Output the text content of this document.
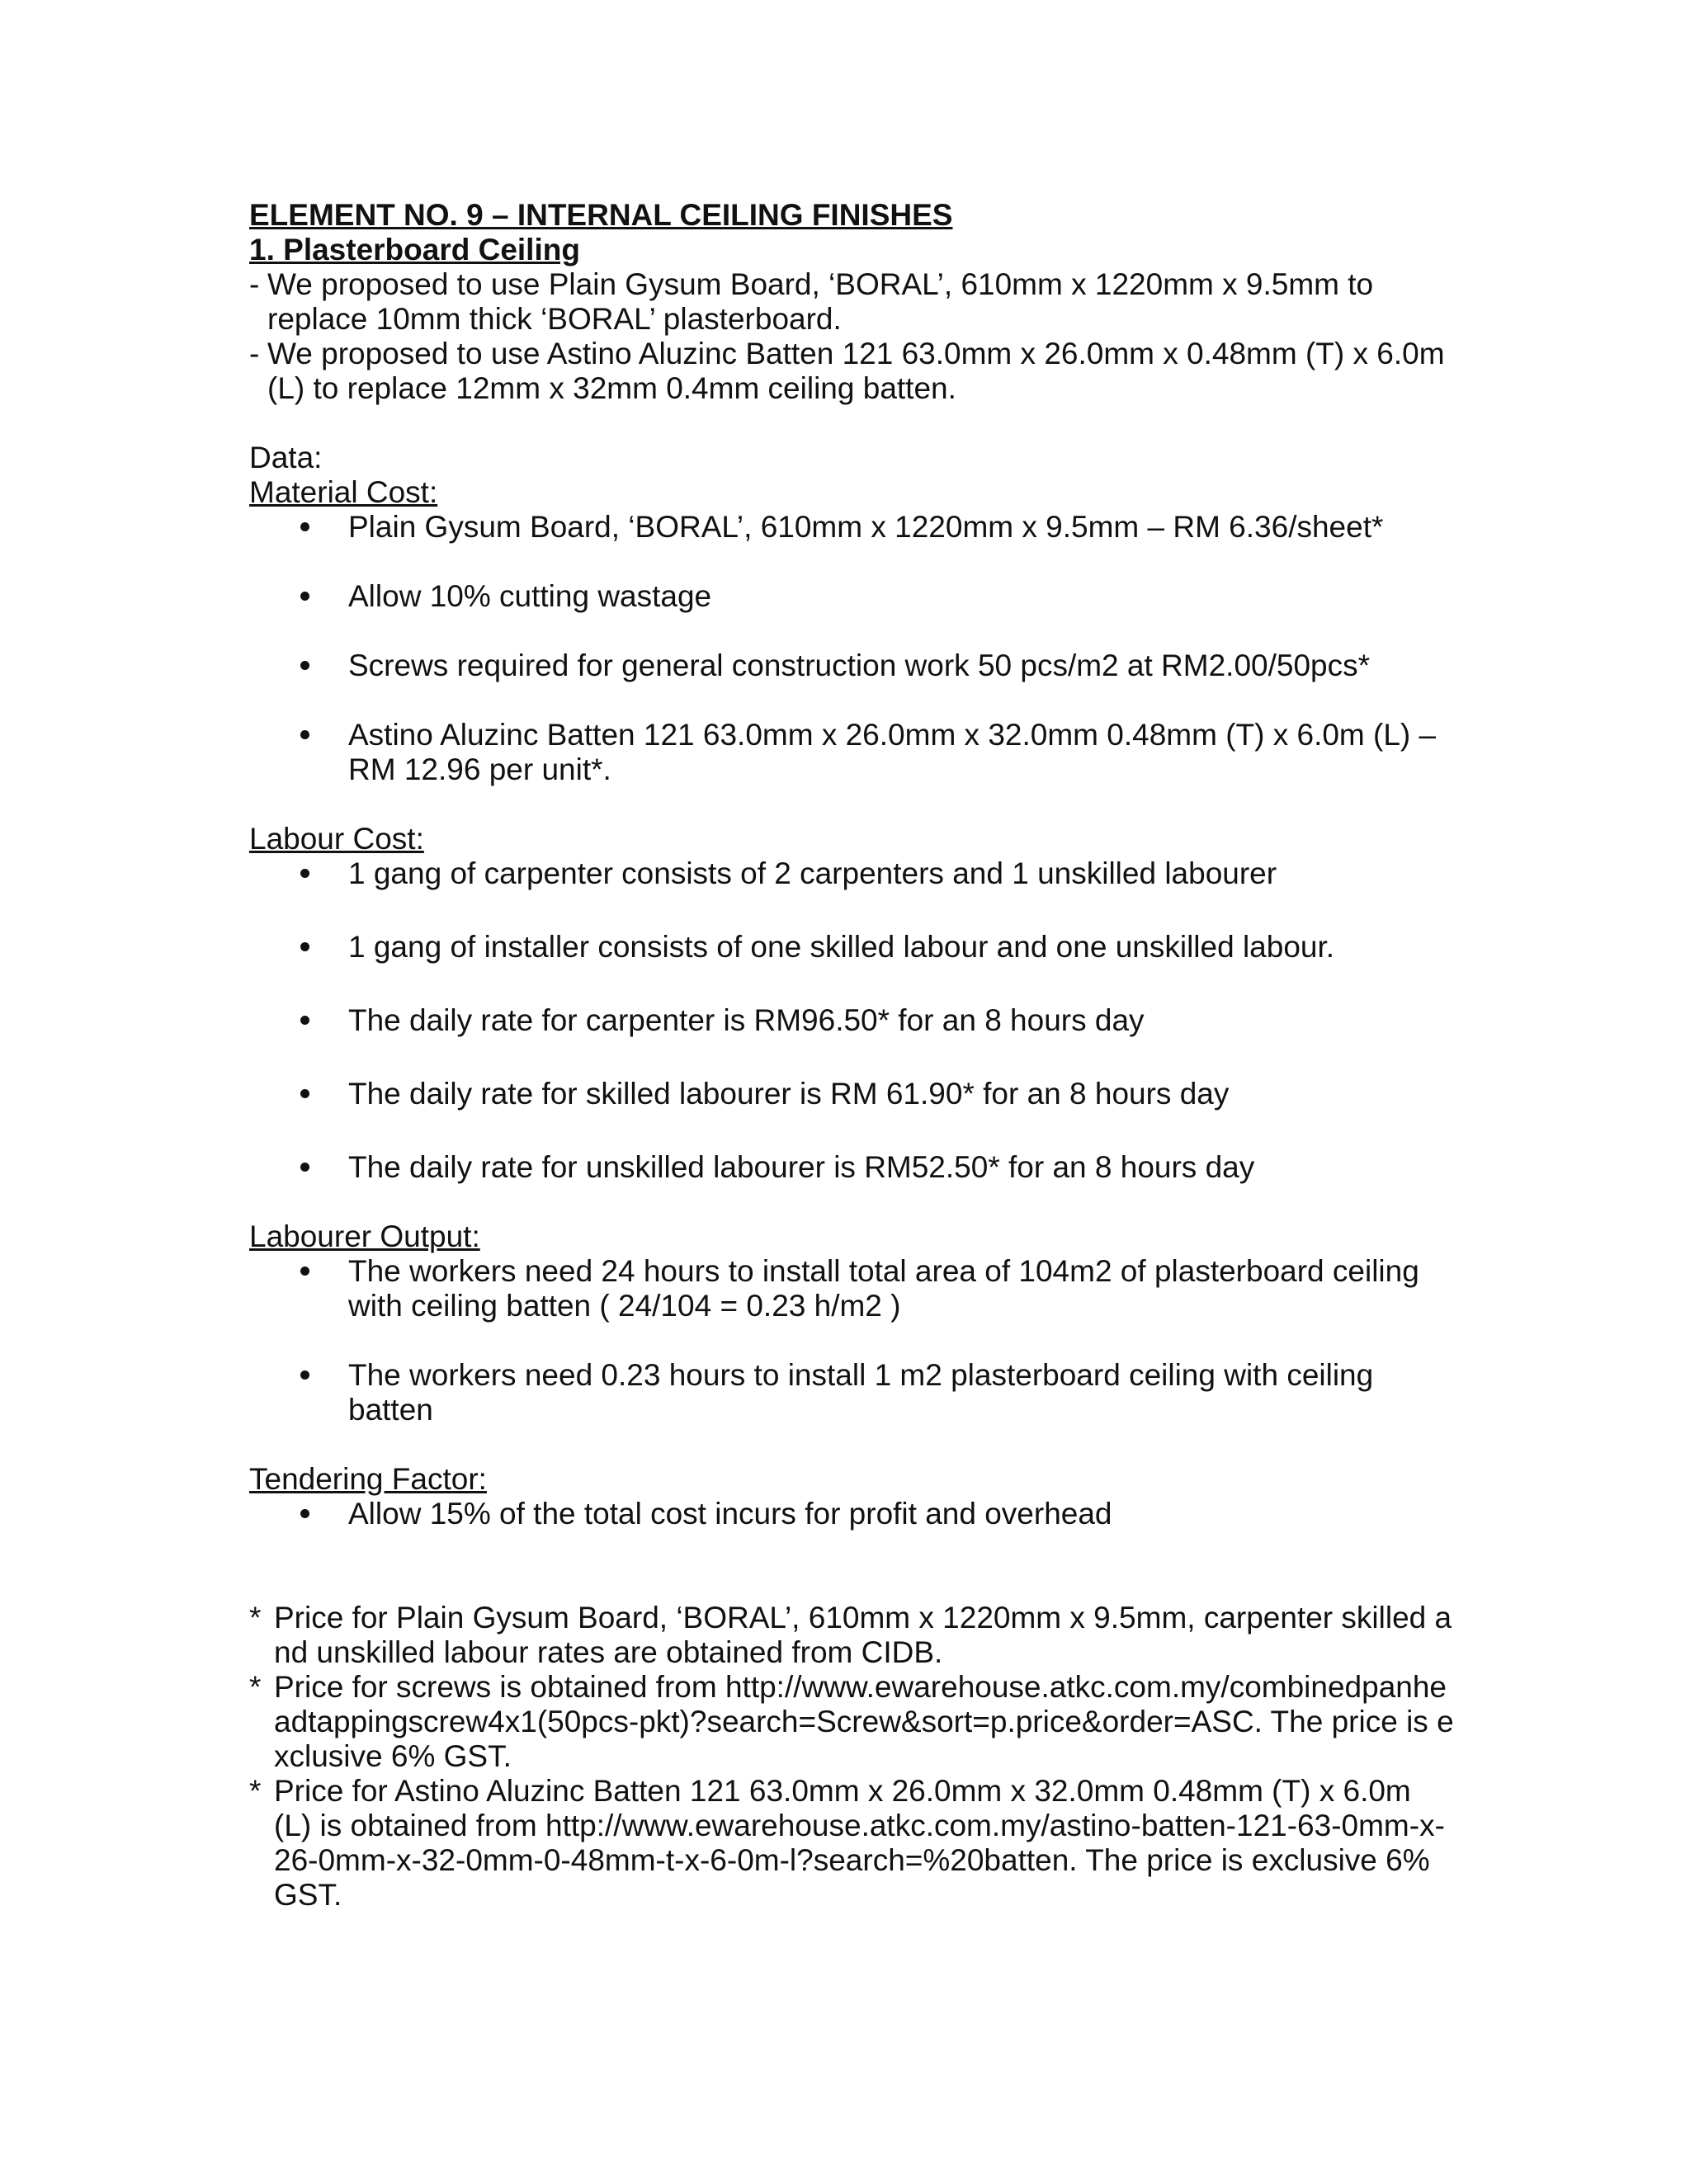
ELEMENT NO. 9 – INTERNAL CEILING FINISHES

1. Plasterboard Ceiling

- We proposed to use Plain Gysum Board, ‘BORAL’, 610mm x 1220mm x 9.5mm to replace 10mm thick ‘BORAL’ plasterboard.

- We proposed to use Astino Aluzinc Batten 121 63.0mm x 26.0mm x 0.48mm (T) x 6.0m (L) to replace 12mm x 32mm 0.4mm ceiling batten.

Data:

Material Cost:

Plain Gysum Board, ‘BORAL’, 610mm x 1220mm x 9.5mm – RM 6.36/sheet*
Allow 10% cutting wastage
Screws required for general construction work 50 pcs/m2 at RM2.00/50pcs*
Astino Aluzinc Batten 121 63.0mm x 26.0mm x 32.0mm 0.48mm (T) x 6.0m (L) – RM 12.96 per unit*.

Labour Cost:

1 gang of carpenter consists of 2 carpenters and 1 unskilled labourer
1 gang of installer consists of one skilled labour and one unskilled labour.
The daily rate for carpenter is RM96.50* for an 8 hours day
The daily rate for skilled labourer is RM 61.90* for an 8 hours day
The daily rate for unskilled labourer is RM52.50* for an 8 hours day

Labourer Output:

The workers need 24 hours to install total area of 104m2 of plasterboard ceiling with ceiling batten ( 24/104 = 0.23 h/m2 )
The workers need 0.23 hours to install 1 m2 plasterboard ceiling with ceiling batten

Tendering Factor:

Allow 15% of the total cost incurs for profit and overhead

* Price for Plain Gysum Board, ‘BORAL’, 610mm x 1220mm x 9.5mm, carpenter skilled and unskilled labour rates are obtained from CIDB.

* Price for screws is obtained from http://www.ewarehouse.atkc.com.my/combinedpanheadtappingscrew4x1(50pcs-pkt)?search=Screw&sort=p.price&order=ASC. The price is exclusive 6% GST.

* Price for Astino Aluzinc Batten 121 63.0mm x 26.0mm x 32.0mm 0.48mm (T) x 6.0m (L) is obtained from http://www.ewarehouse.atkc.com.my/astino-batten-121-63-0mm-x-26-0mm-x-32-0mm-0-48mm-t-x-6-0m-l?search=%20batten. The price is exclusive 6% GST.
